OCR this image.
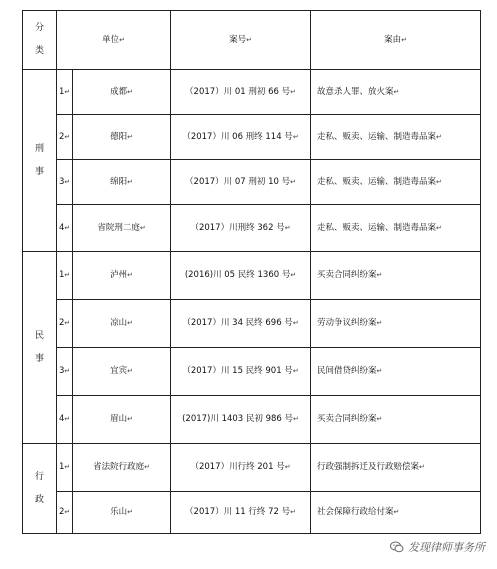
分
类	单位↵		案号↵	案由↵

刑
事	1↵	成都↵	（2017）川 01 刑初 66 号↵	故意杀人罪、放火案↵
	2↵	德阳↵	（2017）川 06 刑终 114 号↵	走私、贩卖、运输、制造毒品案↵
	3↵	绵阳↵	（2017）川 07 刑初 10 号↵	走私、贩卖、运输、制造毒品案↵
	4↵	省院刑二庭↵	（2017）川刑终 362 号↵	走私、贩卖、运输、制造毒品案↵

民
事	1↵	泸州↵	(2016)川 05 民终 1360 号↵	买卖合同纠纷案↵
	2↵	凉山↵	（2017）川 34 民终 696 号↵	劳动争议纠纷案↵
	3↵	宜宾↵	（2017）川 15 民终 901 号↵	民间借贷纠纷案↵
	4↵	眉山↵	(2017)川 1403 民初 986 号↵	买卖合同纠纷案↵

行
政	1↵	省法院行政庭↵	（2017）川行终 201 号↵	行政强制拆迁及行政赔偿案↵
	2↵	乐山↵	（2017）川 11 行终 72 号↵	社会保障行政给付案↵
发现律师事务所
